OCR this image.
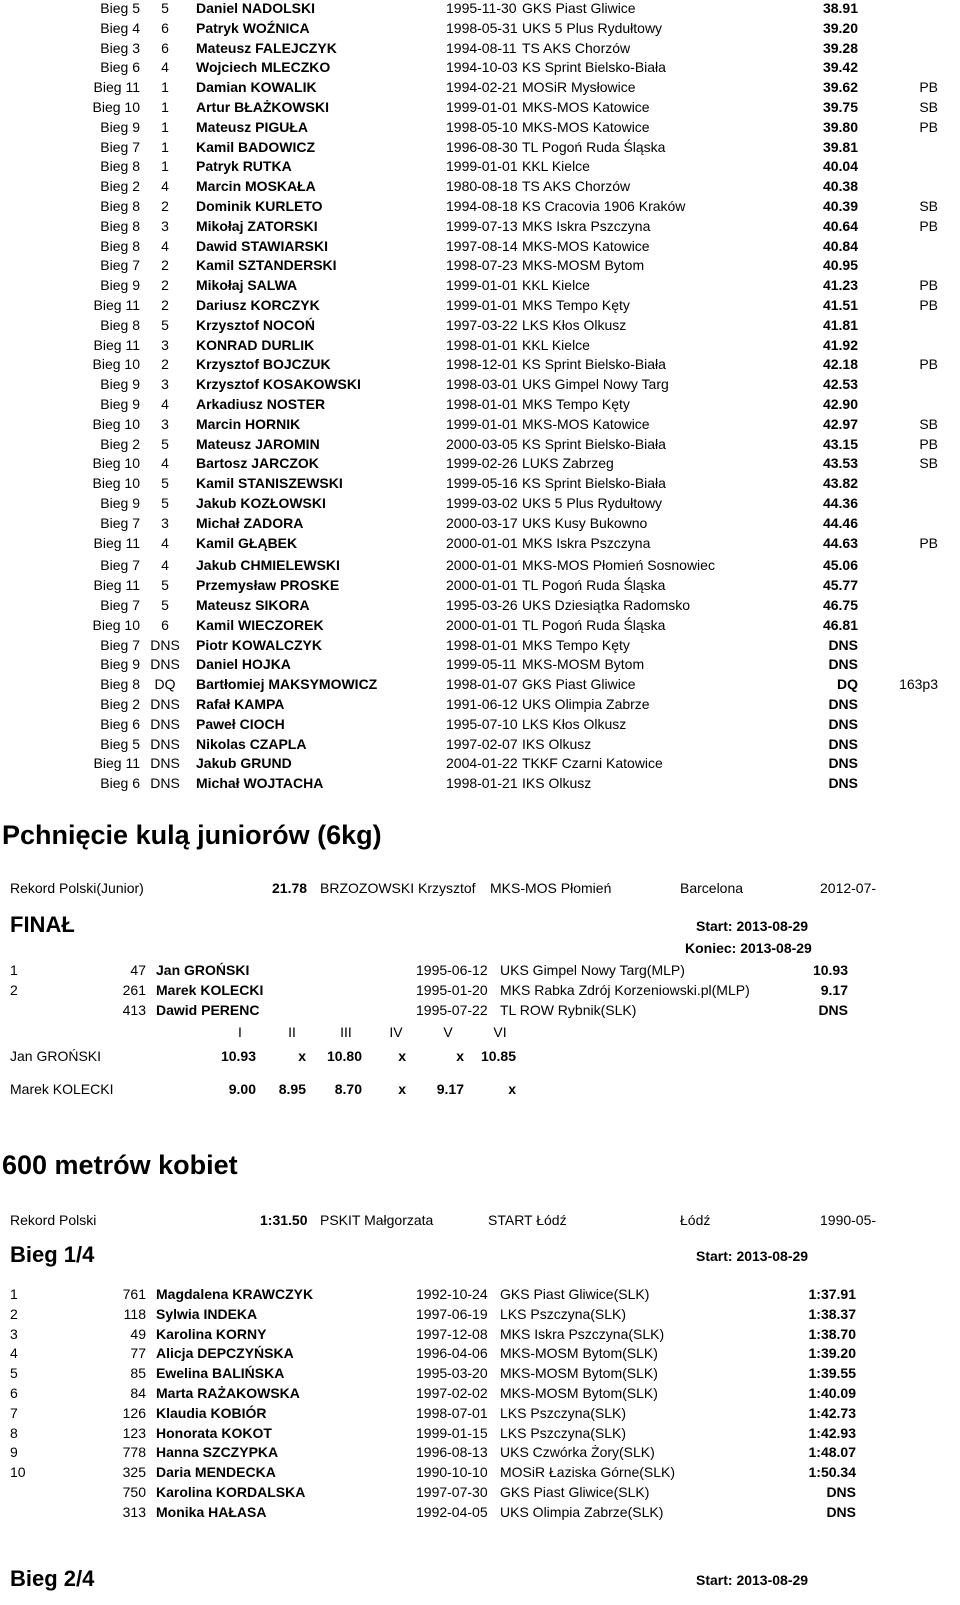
Bieg 5	5	Daniel NADOLSKI	1995-11-30 GKS Piast Gliwice	38.91
Bieg 4	6	Patryk WOŹNICA	1998-05-31 UKS 5 Plus Rydułtowy	39.20
Bieg 3	6	Mateusz FALEJCZYK	1994-08-11 TS AKS Chorzów	39.28
Bieg 6	4	Wojciech MLECZKO	1994-10-03 KS Sprint Bielsko-Biała	39.42
Bieg 11	1	Damian KOWALIK	1994-02-21 MOSiR Mysłowice	39.62	PB
Bieg 10	1	Artur BŁAŻKOWSKI	1999-01-01 MKS-MOS Katowice	39.75	SB
Bieg 9	1	Mateusz PIGUŁA	1998-05-10 MKS-MOS Katowice	39.80	PB
Bieg 7	1	Kamil BADOWICZ	1996-08-30 TL Pogoń Ruda Śląska	39.81
Bieg 8	1	Patryk RUTKA	1999-01-01 KKL Kielce	40.04
Bieg 2	4	Marcin MOSKAŁA	1980-08-18 TS AKS Chorzów	40.38
Bieg 8	2	Dominik KURLETO	1994-08-18 KS Cracovia 1906 Kraków	40.39	SB
Bieg 8	3	Mikołaj ZATORSKI	1999-07-13 MKS Iskra Pszczyna	40.64	PB
Bieg 8	4	Dawid STAWIARSKI	1997-08-14 MKS-MOS Katowice	40.84
Bieg 7	2	Kamil SZTANDERSKI	1998-07-23 MKS-MOSM Bytom	40.95
Bieg 9	2	Mikołaj SALWA	1999-01-01 KKL Kielce	41.23	PB
Bieg 11	2	Dariusz KORCZYK	1999-01-01 MKS Tempo Kęty	41.51	PB
Bieg 8	5	Krzysztof NOCOŃ	1997-03-22 LKS Kłos Olkusz	41.81
Bieg 11	3	KONRAD DURLIK	1998-01-01 KKL Kielce	41.92
Bieg 10	2	Krzysztof BOJCZUK	1998-12-01 KS Sprint Bielsko-Biała	42.18	PB
Bieg 9	3	Krzysztof KOSAKOWSKI	1998-03-01 UKS Gimpel Nowy Targ	42.53
Bieg 9	4	Arkadiusz NOSTER	1998-01-01 MKS Tempo Kęty	42.90
Bieg 10	3	Marcin HORNIK	1999-01-01 MKS-MOS Katowice	42.97	SB
Bieg 2	5	Mateusz JAROMIN	2000-03-05 KS Sprint Bielsko-Biała	43.15	PB
Bieg 10	4	Bartosz JARCZOK	1999-02-26 LUKS Zabrzeg	43.53	SB
Bieg 10	5	Kamil STANISZEWSKI	1999-05-16 KS Sprint Bielsko-Biała	43.82
Bieg 9	5	Jakub KOZŁOWSKI	1999-03-02 UKS 5 Plus Rydułtowy	44.36
Bieg 7	3	Michał ZADORA	2000-03-17 UKS Kusy Bukowno	44.46
Bieg 11	4	Kamil GŁĄBEK	2000-01-01 MKS Iskra Pszczyna	44.63	PB
Bieg 7	4	Jakub CHMIELEWSKI	2000-01-01 MKS-MOS Płomień Sosnowiec	45.06
Bieg 11	5	Przemysław PROSKE	2000-01-01 TL Pogoń Ruda Śląska	45.77
Bieg 7	5	Mateusz SIKORA	1995-03-26 UKS Dziesiątka Radomsko	46.75
Bieg 10	6	Kamil WIECZOREK	2000-01-01 TL Pogoń Ruda Śląska	46.81
Bieg 7 DNS Piotr KOWALCZYK	1998-01-01 MKS Tempo Kęty	DNS
Bieg 9 DNS Daniel HOJKA	1999-05-11 MKS-MOSM Bytom	DNS
Bieg 8	DQ	Bartłomiej MAKSYMOWICZ	1998-01-07 GKS Piast Gliwice	DQ	163p3
Bieg 2 DNS Rafał KAMPA	1991-06-12 UKS Olimpia Zabrze	DNS
Bieg 6 DNS Paweł CIOCH	1995-07-10 LKS Kłos Olkusz	DNS
Bieg 5 DNS Nikolas CZAPLA	1997-02-07 IKS Olkusz	DNS
Bieg 11 DNS Jakub GRUND	2004-01-22 TKKF Czarni Katowice	DNS
Bieg 6 DNS Michał WOJTACHA	1998-01-21 IKS Olkusz	DNS
Pchnięcie kulą juniorów (6kg)
Rekord Polski(Junior)	21.78 BRZOZOWSKI Krzysztof MKS-MOS Płomień	Barcelona	2012-07-
FINAŁ	Start: 2013-08-29
Koniec: 2013-08-29
1	47 Jan GROŃSKI	1995-06-12 UKS Gimpel Nowy Targ(MLP)	10.93
2	261 Marek KOLECKI	1995-01-20 MKS Rabka Zdrój Korzeniowski.pl(MLP)	9.17
413 Dawid PERENC	1995-07-22 TL ROW Rybnik(SLK)	DNS
I	II	III	IV	V	VI
Jan GROŃSKI	10.93	x	10.80	x	x	10.85
Marek KOLECKI	9.00	8.95	8.70	x	9.17	x
600 metrów kobiet
Rekord Polski	1:31.50 PSKIT Małgorzata	START Łódź	Łódź	1990-05-
Bieg 1/4	Start: 2013-08-29
1	761 Magdalena KRAWCZYK	1992-10-24 GKS Piast Gliwice(SLK)	1:37.91
2	118 Sylwia INDEKA	1997-06-19 LKS Pszczyna(SLK)	1:38.37
3	49 Karolina KORNY	1997-12-08 MKS Iskra Pszczyna(SLK)	1:38.70
4	77 Alicja DEPCZYŃSKA	1996-04-06 MKS-MOSM Bytom(SLK)	1:39.20
5	85 Ewelina BALIŃSKA	1995-03-20 MKS-MOSM Bytom(SLK)	1:39.55
6	84 Marta RAŻAKOWSKA	1997-02-02 MKS-MOSM Bytom(SLK)	1:40.09
7	126 Klaudia KOBIÓR	1998-07-01 LKS Pszczyna(SLK)	1:42.73
8	123 Honorata KOKOT	1999-01-15 LKS Pszczyna(SLK)	1:42.93
9	778 Hanna SZCZYPKA	1996-08-13 UKS Czwórka Żory(SLK)	1:48.07
10	325 Daria MENDECKA	1990-10-10 MOSiR Łaziska Górne(SLK)	1:50.34
750 Karolina KORDALSKA	1997-07-30 GKS Piast Gliwice(SLK)	DNS
313 Monika HAŁASA	1992-04-05 UKS Olimpia Zabrze(SLK)	DNS
Bieg 2/4	Start: 2013-08-29
